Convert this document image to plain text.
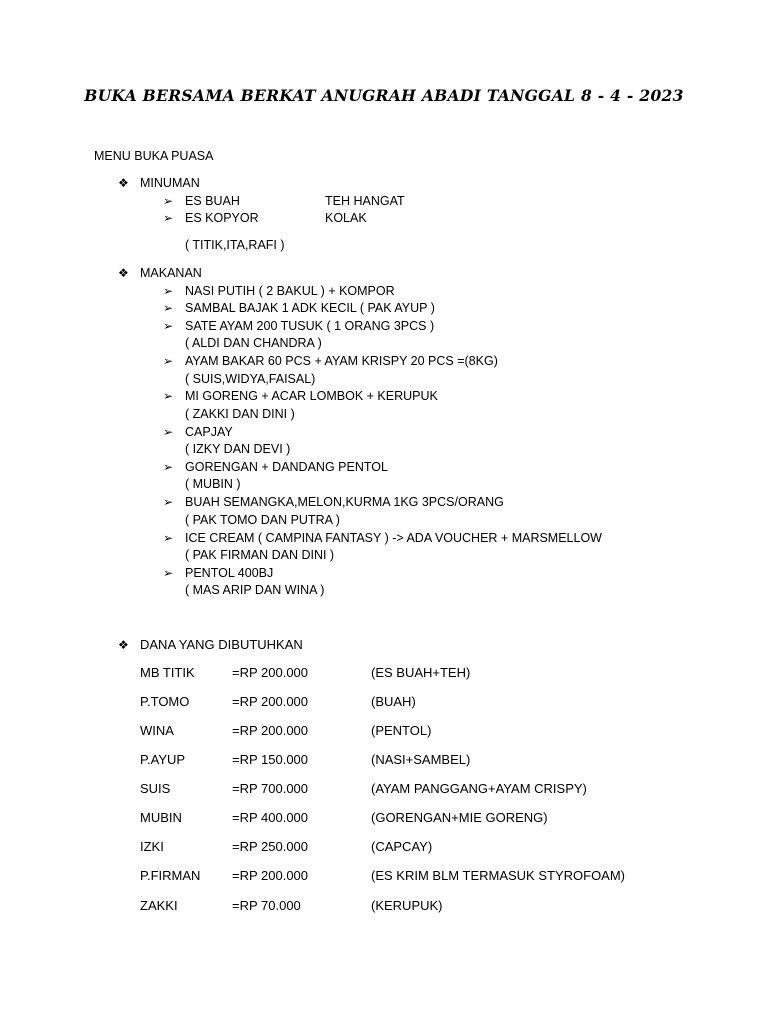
BUKA BERSAMA BERKAT ANUGRAH ABADI TANGGAL 8 - 4 - 2023
MENU BUKA PUASA
❖ MINUMAN
➢ ES BUAH	TEH HANGAT
➢ ES KOPYOR	KOLAK
( TITIK,ITA,RAFI )
❖ MAKANAN
➢ NASI PUTIH ( 2 BAKUL ) + KOMPOR
➢ SAMBAL BAJAK 1 ADK KECIL ( PAK AYUP )
➢ SATE AYAM 200 TUSUK ( 1 ORANG 3PCS )
( ALDI DAN CHANDRA )
➢ AYAM BAKAR 60 PCS + AYAM KRISPY 20 PCS =(8KG)
( SUIS,WIDYA,FAISAL)
➢ MI GORENG + ACAR LOMBOK + KERUPUK
( ZAKKI DAN DINI )
➢ CAPJAY
( IZKY DAN DEVI )
➢ GORENGAN + DANDANG PENTOL
( MUBIN )
➢ BUAH SEMANGKA,MELON,KURMA 1KG 3PCS/ORANG
( PAK TOMO DAN PUTRA )
➢ ICE CREAM ( CAMPINA FANTASY ) -> ADA VOUCHER + MARSMELLOW
( PAK FIRMAN DAN DINI )
➢ PENTOL 400BJ
( MAS ARIP DAN WINA )
❖ DANA YANG DIBUTUHKAN
MB TITIK	=RP 200.000	(ES BUAH+TEH)
P.TOMO	=RP 200.000	(BUAH)
WINA	=RP 200.000	(PENTOL)
P.AYUP	=RP 150.000	(NASI+SAMBEL)
SUIS	=RP 700.000	(AYAM PANGGANG+AYAM CRISPY)
MUBIN	=RP 400.000	(GORENGAN+MIE GORENG)
IZKI	=RP 250.000	(CAPCAY)
P.FIRMAN =RP 200.000	(ES KRIM BLM TERMASUK STYROFOAM)
ZAKKI	=RP 70.000	(KERUPUK)
